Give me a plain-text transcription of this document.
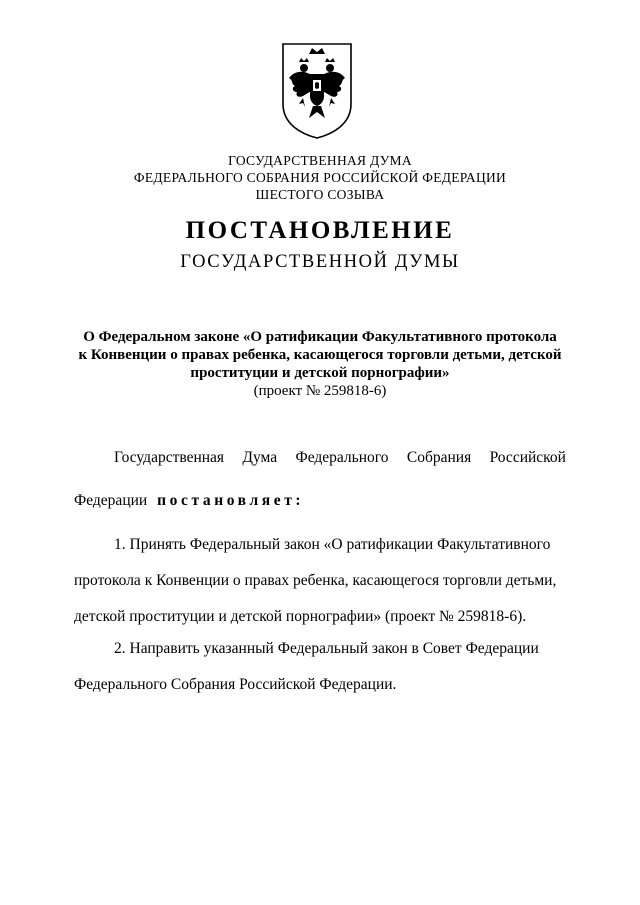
ГОСУДАРСТВЕННАЯ ДУМА
ФЕДЕРАЛЬНОГО СОБРАНИЯ РОССИЙСКОЙ ФЕДЕРАЦИИ
ШЕСТОГО СОЗЫВА
ПОСТАНОВЛЕНИЕ
ГОСУДАРСТВЕННОЙ ДУМЫ
О Федеральном законе «О ратификации Факультативного протокола
к Конвенции о правах ребенка, касающегося торговли детьми, детской
проституции и детской порнографии»
(проект № 259818-6)
Государственная Дума Федерального Собрания Российской
Федерации постановляет:
1. Принять Федеральный закон «О ратификации Факультативного
протокола к Конвенции о правах ребенка, касающегося торговли детьми,
детской проституции и детской порнографии» (проект № 259818-6).
2. Направить указанный Федеральный закон в Совет Федерации
Федерального Собрания Российской Федерации.
